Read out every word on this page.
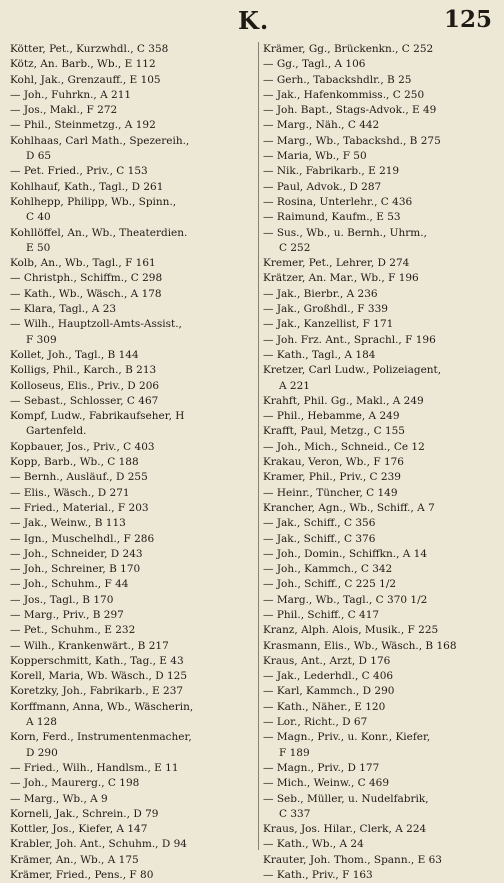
K.	125
Kötter, Pet., Kurzwhdl., C 358
Kötz, An. Barb., Wb., E 112
Kohl, Jak., Grenzauff., E 105
— Joh., Fuhrkn., A 211
— Jos., Makl., F 272
— Phil., Steinmetzg., A 192
Kohlhaas, Carl Math., Spezereih.,
D 65
— Pet. Fried., Priv., C 153
Kohlhauf, Kath., Tagl., D 261
Kohlhepp, Philipp, Wb., Spinn.,
C 40
Kohllöffel, An., Wb., Theaterdien.
E 50
Kolb, An., Wb., Tagl., F 161
— Christph., Schiffm., C 298
— Kath., Wb., Wäsch., A 178
— Klara, Tagl., A 23
— Wilh., Hauptzoll-Amts-Assist.,
F 309
Kollet, Joh., Tagl., B 144
Kolligs, Phil., Karch., B 213
Kolloseus, Elis., Priv., D 206
— Sebast., Schlosser, C 467
Kompf, Ludw., Fabrikaufseher, H
Gartenfeld.
Kopbauer, Jos., Priv., C 403
Kopp, Barb., Wb., C 188
— Bernh., Ausläuf., D 255
— Elis., Wäsch., D 271
— Fried., Material., F 203
— Jak., Weinw., B 113
— Ign., Muschelhdl., F 286
— Joh., Schneider, D 243
— Joh., Schreiner, B 170
— Joh., Schuhm., F 44
— Jos., Tagl., B 170
— Marg., Priv., B 297
— Pet., Schuhm., E 232
— Wilh., Krankenwärt., B 217
Kopperschmitt, Kath., Tag., E 43
Korell, Maria, Wb. Wäsch., D 125
Koretzky, Joh., Fabrikarb., E 237
Korffmann, Anna, Wb., Wäscherin,
A 128
Korn, Ferd., Instrumentenmacher,
D 290
— Fried., Wilh., Handlsm., E 11
— Joh., Maurerg., C 198
— Marg., Wb., A 9
Korneli, Jak., Schrein., D 79
Kottler, Jos., Kiefer, A 147
Krabler, Joh. Ant., Schuhm., D 94
Krämer, An., Wb., A 175
Krämer, Fried., Pens., F 80
Krämer, Gg., Brückenkn., C 252
— Gg., Tagl., A 106
— Gerh., Tabackshdlr., B 25
— Jak., Hafenkommiss., C 250
— Joh. Bapt., Stags-Advok., E 49
— Marg., Näh., C 442
— Marg., Wb., Tabackshd., B 275
— Maria, Wb., F 50
— Nik., Fabrikarb., E 219
— Paul, Advok., D 287
— Rosina, Unterlehr., C 436
— Raimund, Kaufm., E 53
— Sus., Wb., u. Bernh., Uhrm.,
C 252
Kremer, Pet., Lehrer, D 274
Krätzer, An. Mar., Wb., F 196
— Jak., Bierbr., A 236
— Jak., Großhdl., F 339
— Jak., Kanzellist, F 171
— Joh. Frz. Ant., Sprachl., F 196
— Kath., Tagl., A 184
Kretzer, Carl Ludw., Polizeiagent,
A 221
Krahft, Phil. Gg., Makl., A 249
— Phil., Hebamme, A 249
Krafft, Paul, Metzg., C 155
— Joh., Mich., Schneid., Ce 12
Krakau, Veron, Wb., F 176
Kramer, Phil., Priv., C 239
— Heinr., Tüncher, C 149
Krancher, Agn., Wb., Schiff., A 7
— Jak., Schiff., C 356
— Jak., Schiff., C 376
— Joh., Domin., Schiffkn., A 14
— Joh., Kammch., C 342
— Joh., Schiff., C 225 1/2
— Marg., Wb., Tagl., C 370 1/2
— Phil., Schiff., C 417
Kranz, Alph. Alois, Musik., F 225
Krasmann, Elis., Wb., Wäsch., B 168
Kraus, Ant., Arzt, D 176
— Jak., Lederhdl., C 406
— Karl, Kammch., D 290
— Kath., Näher., E 120
— Lor., Richt., D 67
— Magn., Priv., u. Konr., Kiefer,
F 189
— Magn., Priv., D 177
— Mich., Weinw., C 469
— Seb., Müller, u. Nudelfabrik,
C 337
Kraus, Jos. Hilar., Clerk, A 224
— Kath., Wb., A 24
Krauter, Joh. Thom., Spann., E 63
— Kath., Priv., F 163
